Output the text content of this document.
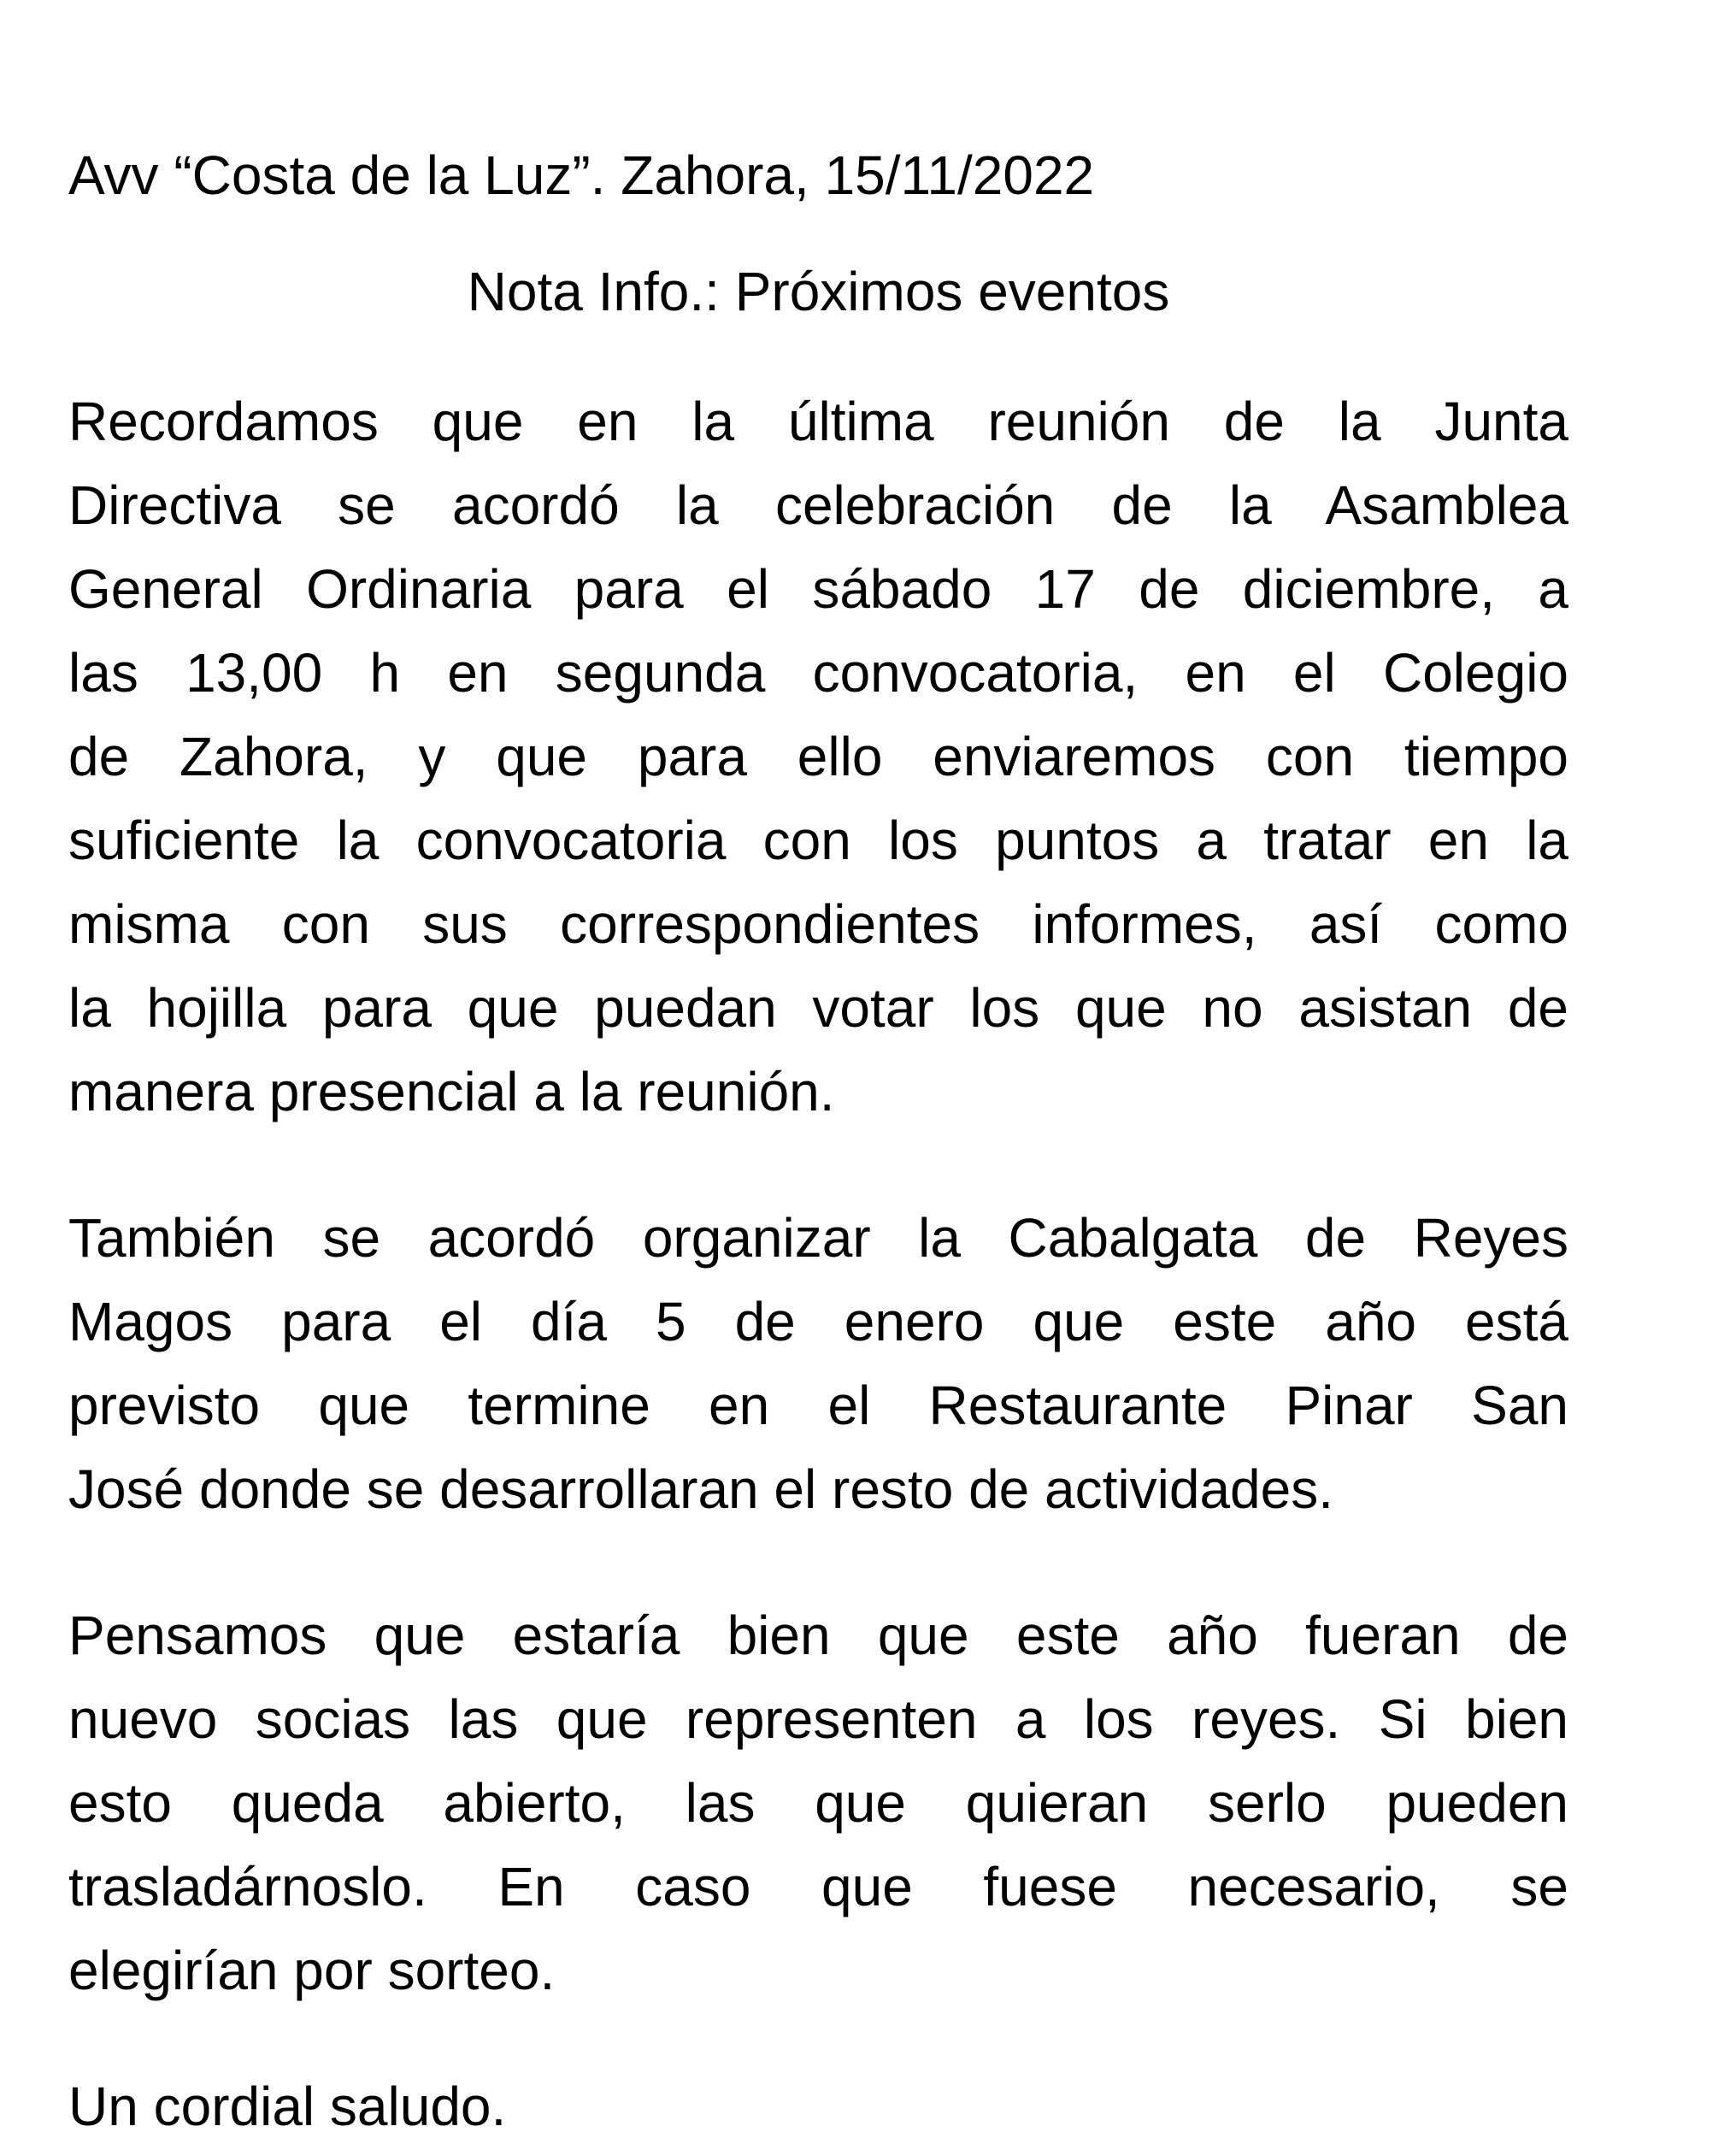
Avv “Costa de la Luz”. Zahora, 15/11/2022
Nota Info.: Próximos eventos
Recordamos que en la última reunión de la Junta
Directiva se acordó la celebración de la Asamblea
General Ordinaria para el sábado 17 de diciembre, a
las 13,00 h en segunda convocatoria, en el Colegio
de Zahora, y que para ello enviaremos con tiempo
suficiente la convocatoria con los puntos a tratar en la
misma con sus correspondientes informes, así como
la hojilla para que puedan votar los que no asistan de
manera presencial a la reunión.
También se acordó organizar la Cabalgata de Reyes
Magos para el día 5 de enero que este año está
previsto que termine en el Restaurante Pinar San
José donde se desarrollaran el resto de actividades.
Pensamos que estaría bien que este año fueran de
nuevo socias las que representen a los reyes. Si bien
esto queda abierto, las que quieran serlo pueden
trasladárnoslo. En caso que fuese necesario, se
elegirían por sorteo.
Un cordial saludo.
